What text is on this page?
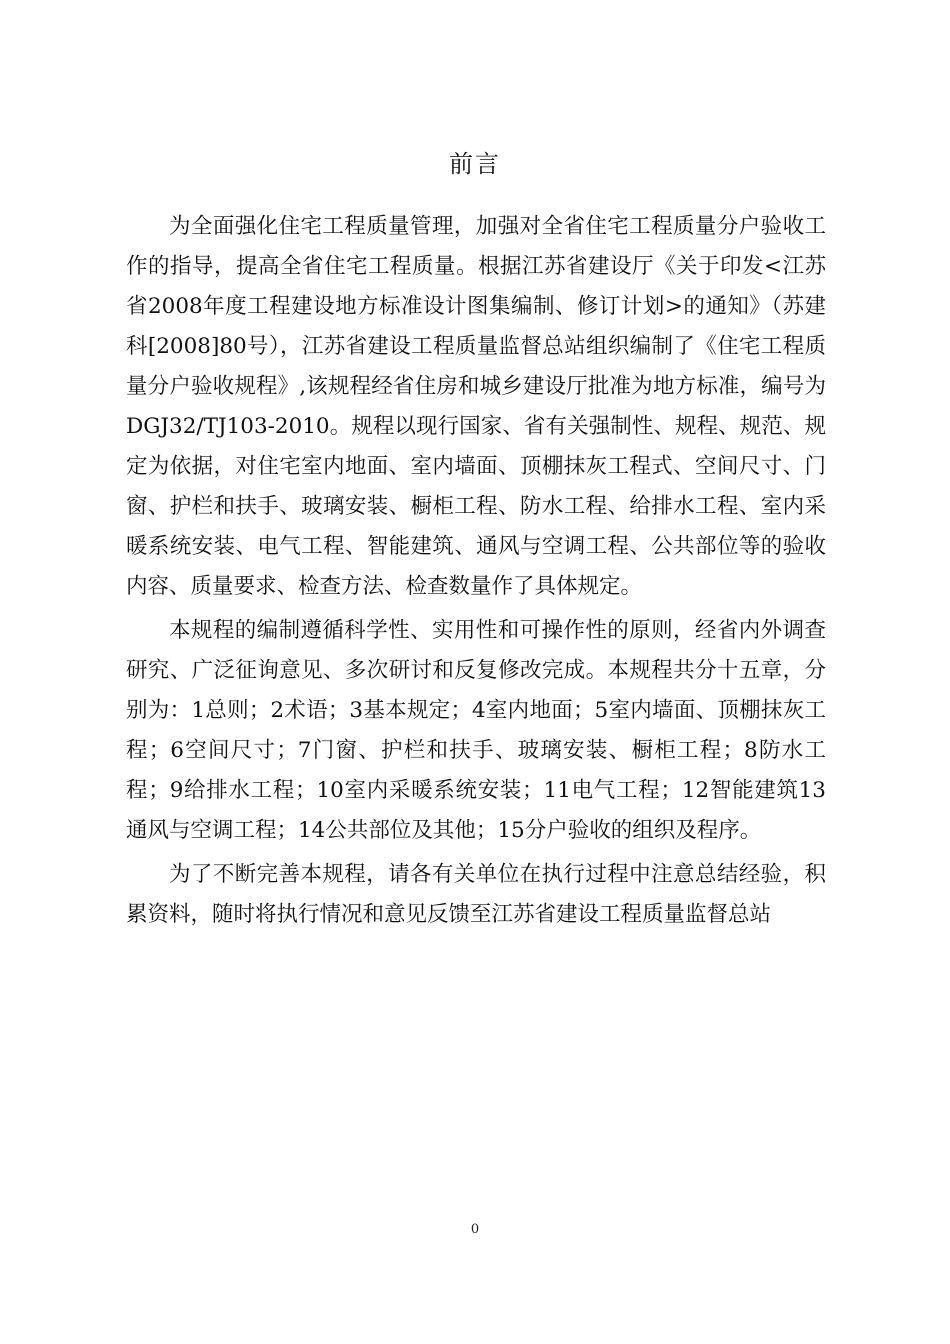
前言

为全面强化住宅工程质量管理，加强对全省住宅工程质量分户验收工作的指导，提高全省住宅工程质量。根据江苏省建设厅《关于印发<江苏省2008年度工程建设地方标准设计图集编制、修订计划>的通知》（苏建科[2008]80号），江苏省建设工程质量监督总站组织编制了《住宅工程质量分户验收规程》,该规程经省住房和城乡建设厅批准为地方标准，编号为DGJ32/TJ103-2010。规程以现行国家、省有关强制性、规程、规范、规定为依据，对住宅室内地面、室内墙面、顶棚抹灰工程式、空间尺寸、门窗、护栏和扶手、玻璃安装、橱柜工程、防水工程、给排水工程、室内采暖系统安装、电气工程、智能建筑、通风与空调工程、公共部位等的验收内容、质量要求、检查方法、检查数量作了具体规定。

本规程的编制遵循科学性、实用性和可操作性的原则，经省内外调查研究、广泛征询意见、多次研讨和反复修改完成。本规程共分十五章，分别为：1总则；2术语；3基本规定；4室内地面；5室内墙面、顶棚抹灰工程；6空间尺寸；7门窗、护栏和扶手、玻璃安装、橱柜工程；8防水工程；9给排水工程；10室内采暖系统安装；11电气工程；12智能建筑13通风与空调工程；14公共部位及其他；15分户验收的组织及程序。

为了不断完善本规程，请各有关单位在执行过程中注意总结经验，积累资料，随时将执行情况和意见反馈至江苏省建设工程质量监督总站

0
